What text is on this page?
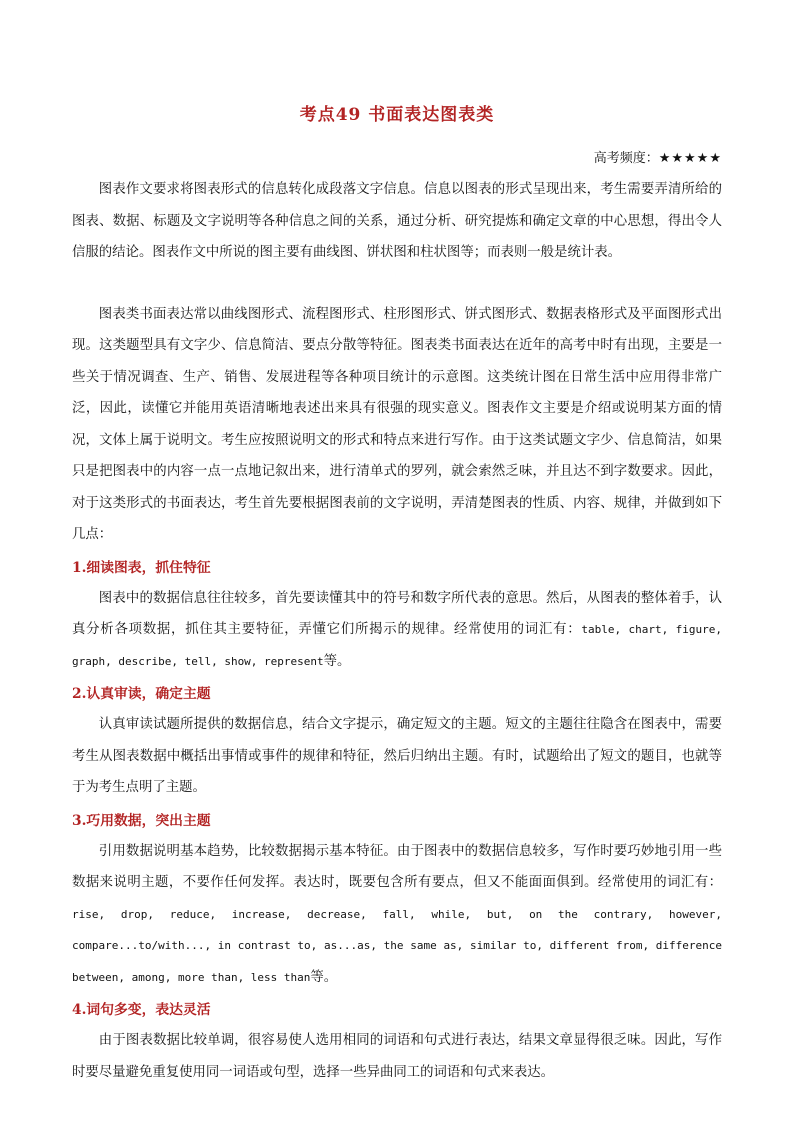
考点49 书面表达图表类
高考频度：★★★★★

图表作文要求将图表形式的信息转化成段落文字信息。信息以图表的形式呈现出来，考生需要弄清所给的图表、数据、标题及文字说明等各种信息之间的关系，通过分析、研究提炼和确定文章的中心思想，得出令人信服的结论。图表作文中所说的图主要有曲线图、饼状图和柱状图等；而表则一般是统计表。

图表类书面表达常以曲线图形式、流程图形式、柱形图形式、饼式图形式、数据表格形式及平面图形式出现。这类题型具有文字少、信息简洁、要点分散等特征。图表类书面表达在近年的高考中时有出现，主要是一些关于情况调查、生产、销售、发展进程等各种项目统计的示意图。这类统计图在日常生活中应用得非常广泛，因此，读懂它并能用英语清晰地表述出来具有很强的现实意义。图表作文主要是介绍或说明某方面的情况，文体上属于说明文。考生应按照说明文的形式和特点来进行写作。由于这类试题文字少、信息简洁，如果只是把图表中的内容一点一点地记叙出来，进行清单式的罗列，就会索然乏味，并且达不到字数要求。因此，对于这类形式的书面表达，考生首先要根据图表前的文字说明，弄清楚图表的性质、内容、规律，并做到如下几点：

1.细读图表，抓住特征

图表中的数据信息往往较多，首先要读懂其中的符号和数字所代表的意思。然后，从图表的整体着手，认真分析各项数据，抓住其主要特征，弄懂它们所揭示的规律。经常使用的词汇有：table, chart, figure, graph, describe, tell, show, represent等。

2.认真审读，确定主题

认真审读试题所提供的数据信息，结合文字提示，确定短文的主题。短文的主题往往隐含在图表中，需要考生从图表数据中概括出事情或事件的规律和特征，然后归纳出主题。有时，试题给出了短文的题目，也就等于为考生点明了主题。

3.巧用数据，突出主题

引用数据说明基本趋势，比较数据揭示基本特征。由于图表中的数据信息较多，写作时要巧妙地引用一些数据来说明主题，不要作任何发挥。表达时，既要包含所有要点，但又不能面面俱到。经常使用的词汇有：rise, drop, reduce, increase, decrease, fall, while, but, on the contrary, however, compare...to/with..., in contrast to, as...as, the same as, similar to, different from, difference between, among, more than, less than等。

4.词句多变，表达灵活

由于图表数据比较单调，很容易使人选用相同的词语和句式进行表达，结果文章显得很乏味。因此，写作时要尽量避免重复使用同一词语或句型，选择一些异曲同工的词语和句式来表达。
